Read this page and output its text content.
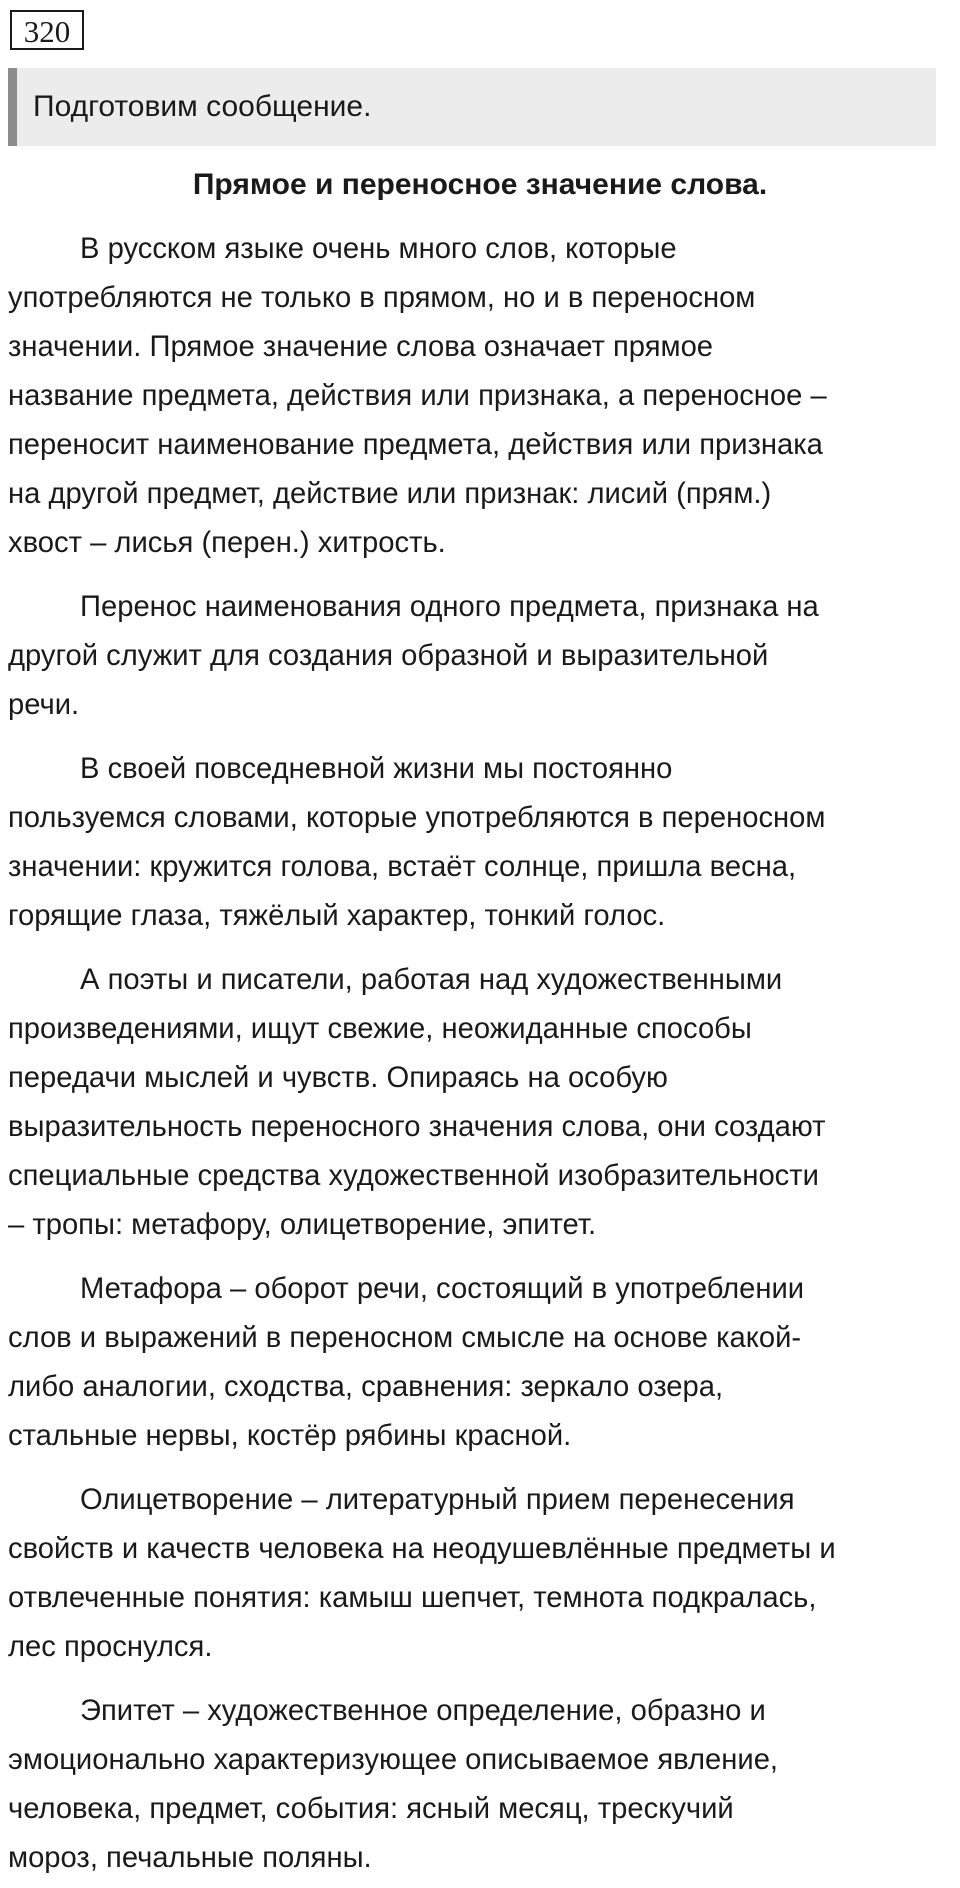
320
Подготовим сообщение.
Прямое и переносное значение слова.
В русском языке очень много слов, которые
употребляются не только в прямом, но и в переносном
значении. Прямое значение слова означает прямое
название предмета, действия или признака, а переносное –
переносит наименование предмета, действия или признака
на другой предмет, действие или признак: лисий (прям.)
хвост – лисья (перен.) хитрость.
Перенос наименования одного предмета, признака на
другой служит для создания образной и выразительной
речи.
В своей повседневной жизни мы постоянно
пользуемся словами, которые употребляются в переносном
значении: кружится голова, встаёт солнце, пришла весна,
горящие глаза, тяжёлый характер, тонкий голос.
А поэты и писатели, работая над художественными
произведениями, ищут свежие, неожиданные способы
передачи мыслей и чувств. Опираясь на особую
выразительность переносного значения слова, они создают
специальные средства художественной изобразительности
– тропы: метафору, олицетворение, эпитет.
Метафора – оборот речи, состоящий в употреблении
слов и выражений в переносном смысле на основе какой-
либо аналогии, сходства, сравнения: зеркало озера,
стальные нервы, костёр рябины красной.
Олицетворение – литературный прием перенесения
свойств и качеств человека на неодушевлённые предметы и
отвлеченные понятия: камыш шепчет, темнота подкралась,
лес проснулся.
Эпитет – художественное определение, образно и
эмоционально характеризующее описываемое явление,
человека, предмет, события: ясный месяц, трескучий
мороз, печальные поляны.
